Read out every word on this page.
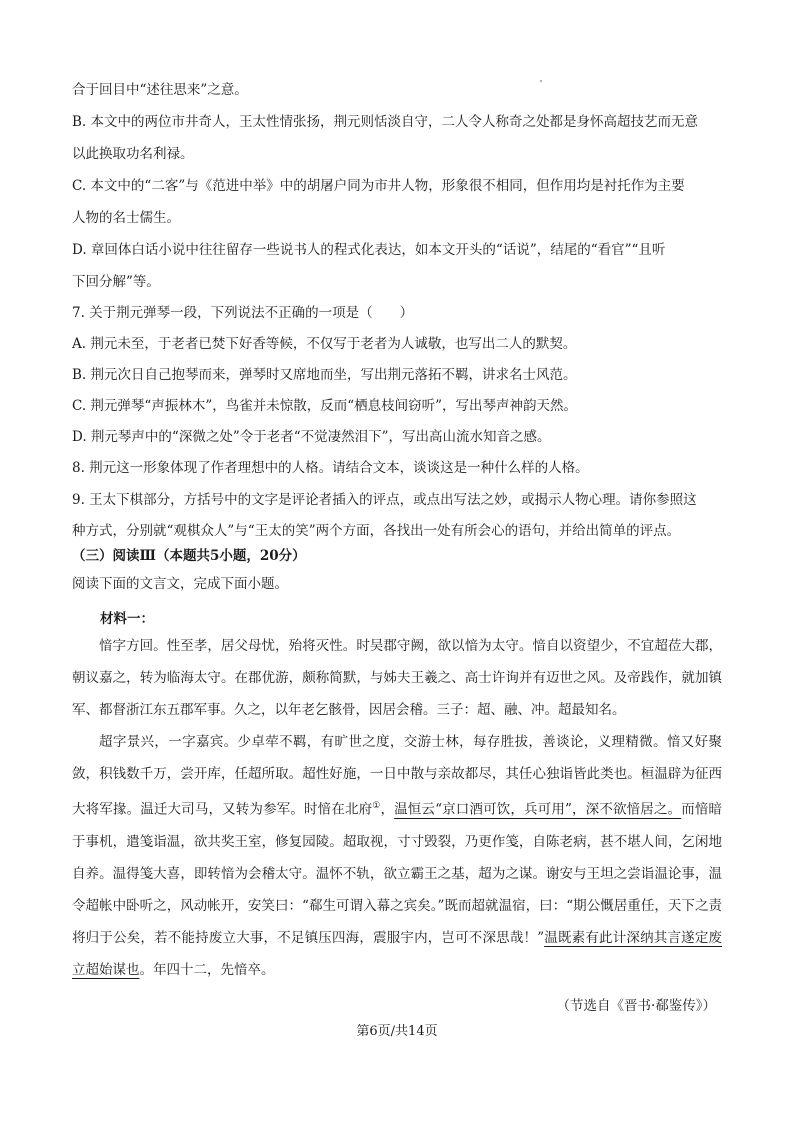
合于回目中“述往思来”之意。

B. 本文中的两位市井奇人，王太性情张扬，荆元则恬淡自守，二人令人称奇之处都是身怀高超技艺而无意

以此换取功名利禄。

C. 本文中的“二客”与《范进中举》中的胡屠户同为市井人物，形象很不相同，但作用均是衬托作为主要

人物的名士儒生。

D. 章回体白话小说中往往留存一些说书人的程式化表达，如本文开头的“话说”，结尾的“看官”“且听

下回分解”等。

7. 关于荆元弹琴一段，下列说法不正确的一项是（　　）

A. 荆元未至，于老者已焚下好香等候，不仅写于老者为人诚敬，也写出二人的默契。

B. 荆元次日自己抱琴而来，弹琴时又席地而坐，写出荆元落拓不羁，讲求名士风范。

C. 荆元弹琴“声振林木”，鸟雀并未惊散，反而“栖息枝间窃听”，写出琴声神韵天然。

D. 荆元琴声中的“深微之处”令于老者“不觉凄然泪下”，写出高山流水知音之感。

8. 荆元这一形象体现了作者理想中的人格。请结合文本，谈谈这是一种什么样的人格。

9. 王太下棋部分，方括号中的文字是评论者插入的评点，或点出写法之妙，或揭示人物心理。请你参照这

种方式，分别就“观棋众人”与“王太的笑”两个方面，各找出一处有所会心的语句，并给出简单的评点。

（三）阅读Ⅲ（本题共5小题，20分）

阅读下面的文言文，完成下面小题。

材料一：

愔字方回。性至孝，居父母忧，殆将灭性。时吴郡守阙，欲以愔为太守。愔自以资望少，不宜超莅大郡，朝议嘉之，转为临海太守。在郡优游，颇称简默，与姊夫王羲之、高士许询并有迈世之风。及帝践作，就加镇军、都督浙江东五郡军事。久之，以年老乞骸骨，因居会稽。三子：超、融、冲。超最知名。

超字景兴，一字嘉宾。少卓荦不羁，有旷世之度，交游士林，每存胜拔，善谈论，义理精微。愔又好聚敛，积钱数千万，尝开库，任超所取。超性好施，一日中散与亲故都尽，其任心独诣皆此类也。桓温辟为征西大将军掾。温迁大司马，又转为参军。时愔在北府①，温恒云“京口酒可饮，兵可用”，深不欲愔居之。而愔暗于事机，遣笺诣温，欲共奖王室，修复园陵。超取视，寸寸毁裂，乃更作笺，自陈老病，甚不堪人间，乞闲地自养。温得笺大喜，即转愔为会稽太守。温怀不轨，欲立霸王之基，超为之谋。谢安与王坦之尝诣温论事，温令超帐中卧听之，风动帐开，安笑曰：“郗生可谓入幕之宾矣。”既而超就温宿，曰：“期公慨居重任，天下之责将归于公矣，若不能持废立大事，不足镇压四海，震服宇内，岂可不深思哉！”温既素有此计深纳其言遂定废立超始谋也。年四十二，先愔卒。

（节选自《晋书·郗鉴传》）

第6页/共14页
